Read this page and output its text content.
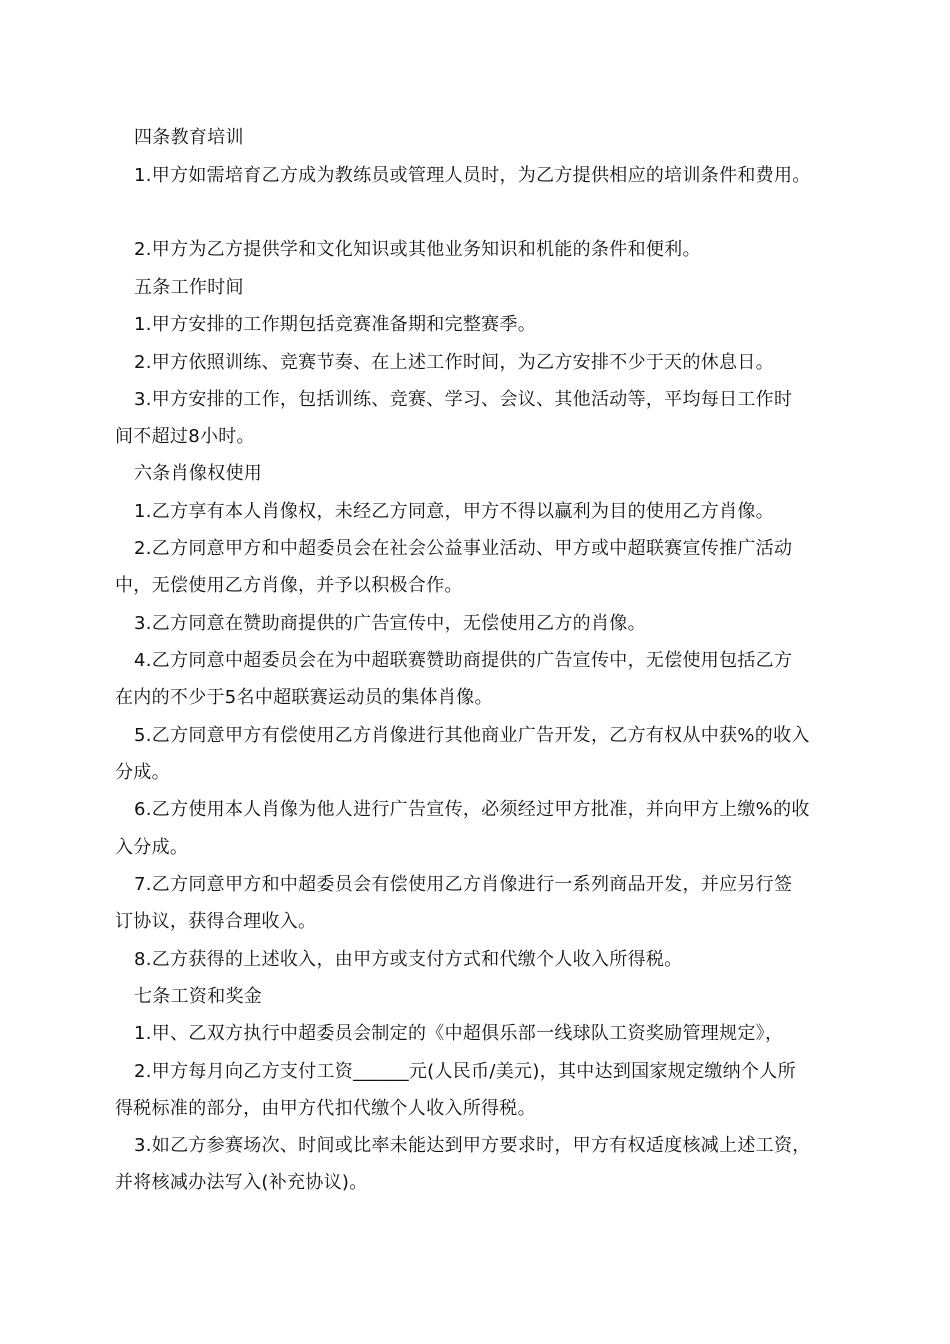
四条教育培训
1.甲方如需培育乙方成为教练员或管理人员时，为乙方提供相应的培训条件和费用。
2.甲方为乙方提供学和文化知识或其他业务知识和机能的条件和便利。
五条工作时间
1.甲方安排的工作期包括竞赛准备期和完整赛季。
2.甲方依照训练、竞赛节奏、在上述工作时间，为乙方安排不少于天的休息日。
3.甲方安排的工作，包括训练、竞赛、学习、会议、其他活动等，平均每日工作时
间不超过8小时。
六条肖像权使用
1.乙方享有本人肖像权，未经乙方同意，甲方不得以赢利为目的使用乙方肖像。
2.乙方同意甲方和中超委员会在社会公益事业活动、甲方或中超联赛宣传推广活动
中，无偿使用乙方肖像，并予以积极合作。
3.乙方同意在赞助商提供的广告宣传中，无偿使用乙方的肖像。
4.乙方同意中超委员会在为中超联赛赞助商提供的广告宣传中，无偿使用包括乙方
在内的不少于5名中超联赛运动员的集体肖像。
5.乙方同意甲方有偿使用乙方肖像进行其他商业广告开发，乙方有权从中获%的收入
分成。
6.乙方使用本人肖像为他人进行广告宣传，必须经过甲方批准，并向甲方上缴%的收
入分成。
7.乙方同意甲方和中超委员会有偿使用乙方肖像进行一系列商品开发，并应另行签
订协议，获得合理收入。
8.乙方获得的上述收入，由甲方或支付方式和代缴个人收入所得税。
七条工资和奖金
1.甲、乙双方执行中超委员会制定的《中超俱乐部一线球队工资奖励管理规定》，
2.甲方每月向乙方支付工资______元(人民币/美元)，其中达到国家规定缴纳个人所
得税标准的部分，由甲方代扣代缴个人收入所得税。
3.如乙方参赛场次、时间或比率未能达到甲方要求时，甲方有权适度核减上述工资，
并将核减办法写入(补充协议)。
